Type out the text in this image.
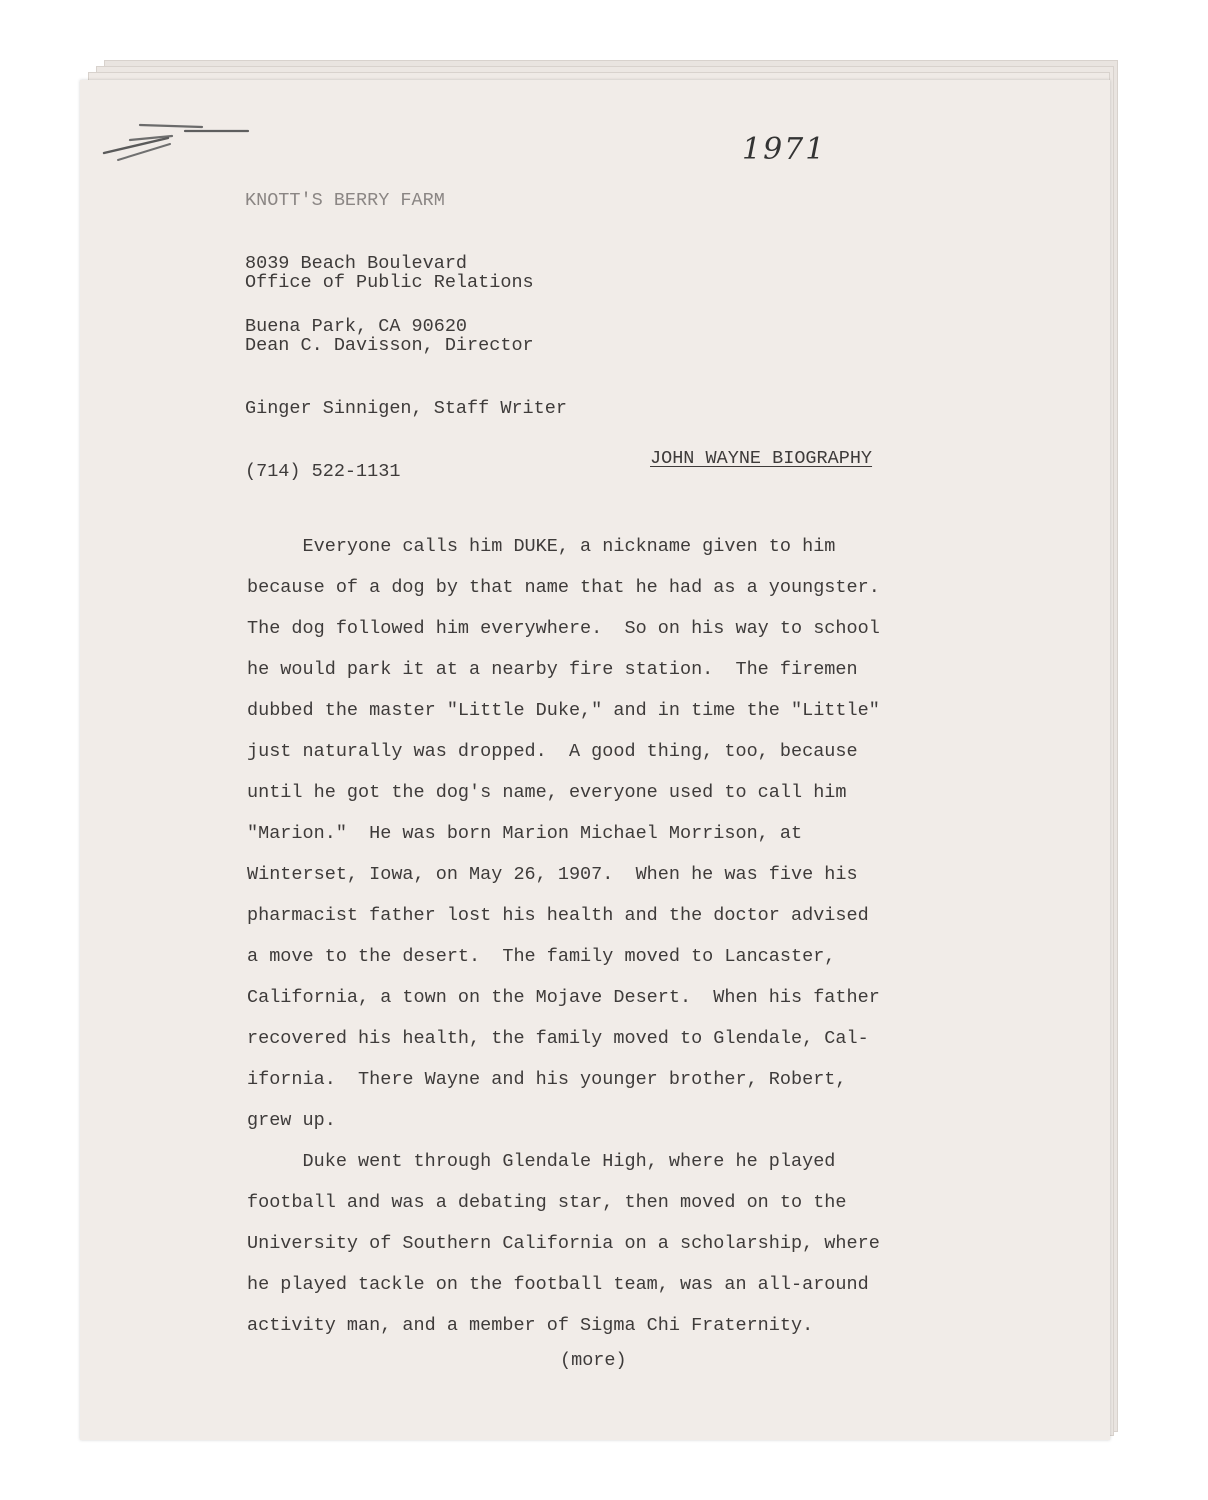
1971

KNOTT'S BERRY FARM

8039 Beach Boulevard

Buena Park, CA 90620

Office of Public Relations

Dean C. Davisson, Director

Ginger Sinnigen, Staff Writer

(714) 522-1131

JOHN WAYNE BIOGRAPHY
Everyone calls him DUKE, a nickname given to him
because of a dog by that name that he had as a youngster.
The dog followed him everywhere.  So on his way to school
he would park it at a nearby fire station.  The firemen
dubbed the master "Little Duke," and in time the "Little"
just naturally was dropped.  A good thing, too, because
until he got the dog's name, everyone used to call him
"Marion."  He was born Marion Michael Morrison, at
Winterset, Iowa, on May 26, 1907.  When he was five his
pharmacist father lost his health and the doctor advised
a move to the desert.  The family moved to Lancaster,
California, a town on the Mojave Desert.  When his father
recovered his health, the family moved to Glendale, Cal-
ifornia.  There Wayne and his younger brother, Robert,
grew up.
Duke went through Glendale High, where he played
football and was a debating star, then moved on to the
University of Southern California on a scholarship, where
he played tackle on the football team, was an all-around
activity man, and a member of Sigma Chi Fraternity.
(more)
